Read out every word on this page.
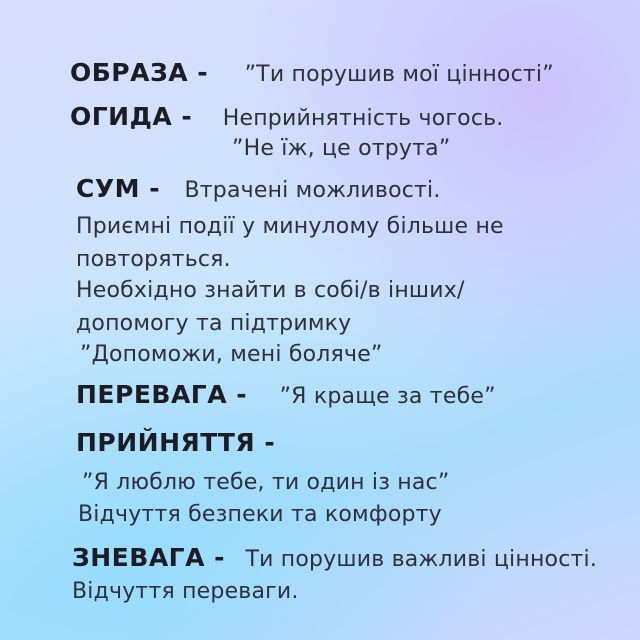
ОБРАЗА - ”Ти порушив мої цінності”
ОГИДА - Неприйнятність чогось.
”Не їж, це отрута”
СУМ - Втрачені можливості.
Приємні події у минулому більше не
повторяться.
Необхідно знайти в собі/в інших/
допомогу та підтримку
”Допоможи, мені боляче”
ПЕРЕВАГА - ”Я краще за тебе”
ПРИЙНЯТТЯ -
”Я люблю тебе, ти один із нас”
Відчуття безпеки та комфорту
ЗНЕВАГА - Ти порушив важливі цінності.
Відчуття переваги.
